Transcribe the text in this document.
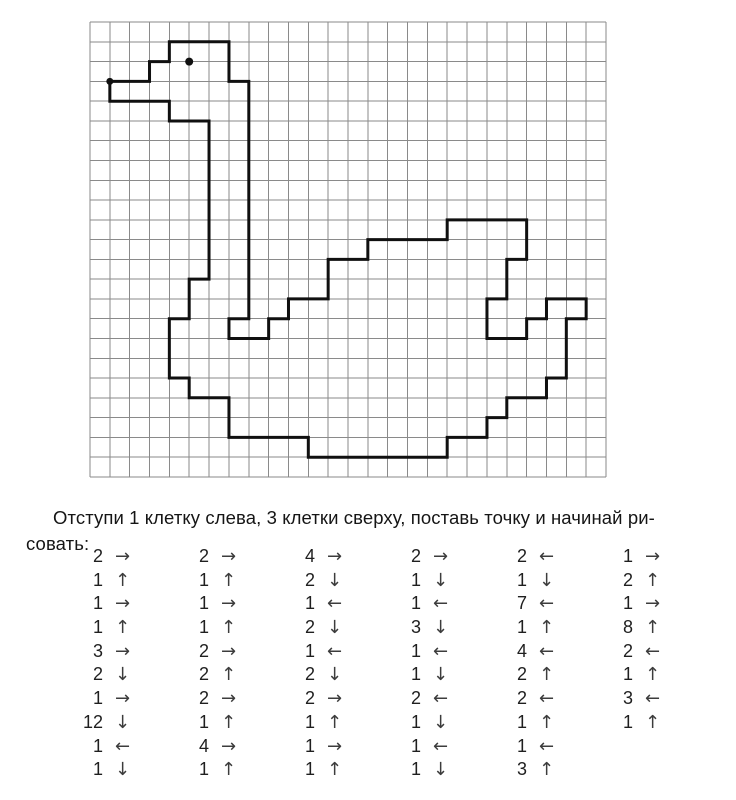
Отступи 1 клетку слева, 3 клетки сверху, поставь точку и начинай ри-
совать:

2 →
1 ↑
1 →
1 ↑
3 →
2 ↓
1 →
12 ↓
1 ←
1 ↓
2 →
1 ↑
1 →
1 ↑
2 →
2 ↑
2 →
1 ↑
4 →
1 ↑
4 →
2 ↓
1 ←
2 ↓
1 ←
2 ↓
2 →
1 ↑
1 →
1 ↑
2 →
1 ↓
1 ←
3 ↓
1 ←
1 ↓
2 ←
1 ↓
1 ←
1 ↓
2 ←
1 ↓
7 ←
1 ↑
4 ←
2 ↑
2 ←
1 ↑
1 ←
3 ↑
1 →
2 ↑
1 →
8 ↑
2 ←
1 ↑
3 ←
1 ↑
